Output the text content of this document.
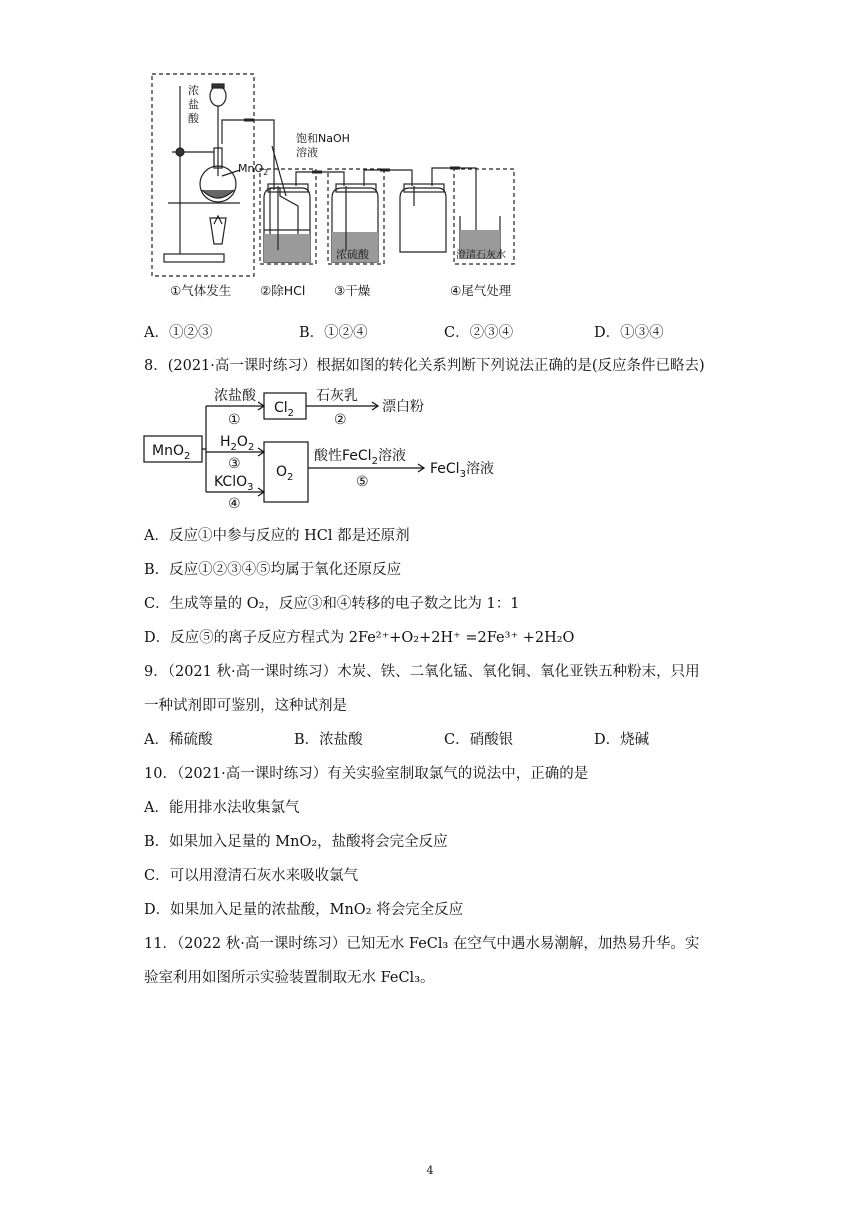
浓
盐
酸
MnO$_2$
饱和NaOH
溶液
浓硫酸	澄清石灰水
①气体发生 ②除HCl ③干燥	④尾气处理
A．①②③	B．①②④	C．②③④	D．①③④
8．(2021·高一课时练习）根据如图的转化关系判断下列说法正确的是(反应条件已略去)
MnO$_2$
$Cl_2$
$O_2$
浓盐酸
①
石灰乳
②
漂白粉
$H_2O_2$
③
KClO$_3$
④
酸性FeCl$_2$溶液
⑤
FeCl$_3$溶液
A．反应①中参与反应的 HCl 都是还原剂
B．反应①②③④⑤均属于氧化还原反应
C．生成等量的 O₂，反应③和④转移的电子数之比为 1：1
D．反应⑤的离子反应方程式为 2Fe²⁺+O₂+2H⁺ =2Fe³⁺ +2H₂O
9．（2021 秋·高一课时练习）木炭、铁、二氧化锰、氧化铜、氧化亚铁五种粉末，只用
一种试剂即可鉴别，这种试剂是
A．稀硫酸	B．浓盐酸	C．硝酸银	D．烧碱
10．（2021·高一课时练习）有关实验室制取氯气的说法中，正确的是
A．能用排水法收集氯气
B．如果加入足量的 MnO₂，盐酸将会完全反应
C．可以用澄清石灰水来吸收氯气
D．如果加入足量的浓盐酸，MnO₂ 将会完全反应
11．（2022 秋·高一课时练习）已知无水 FeCl₃ 在空气中遇水易潮解，加热易升华。实
验室利用如图所示实验装置制取无水 FeCl₃。
4
